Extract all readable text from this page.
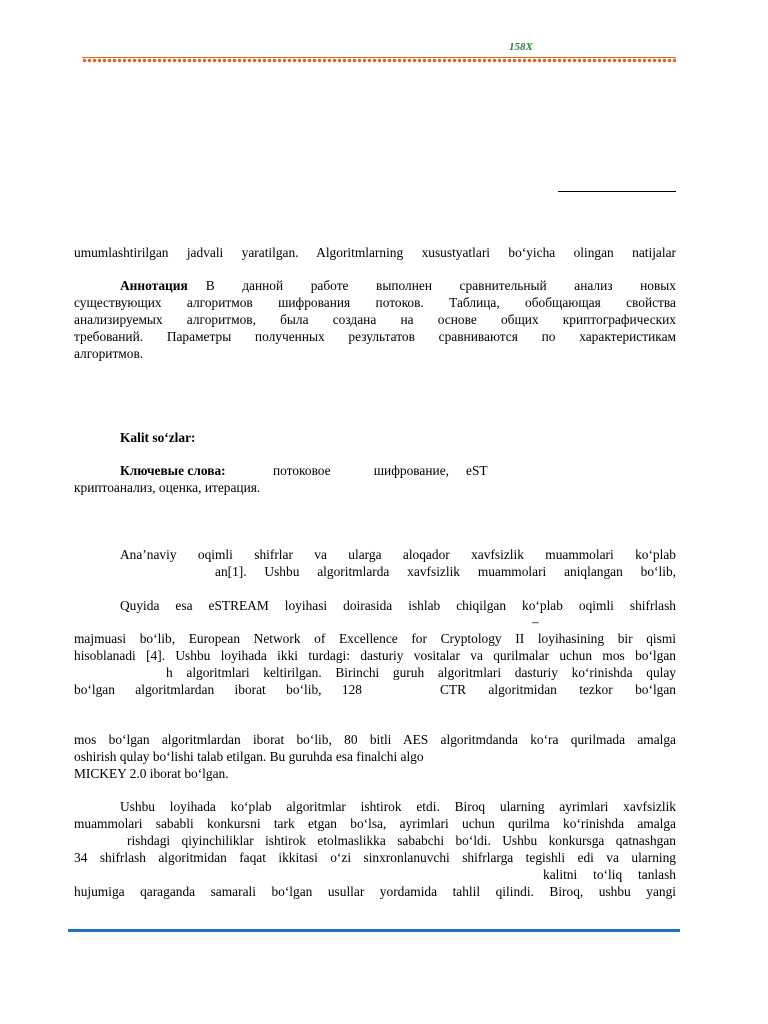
158X
umumlashtirilgan jadvali yaratilgan. Algoritmlarning xusustyatlari bo‘yicha olingan natijalar
Аннотация В данной работе выполнен сравнительный анализ новых
существующих алгоритмов шифрования потоков. Таблица, обобщающая свойства
анализируемых алгоритмов, была создана на основе общих криптографических
требований. Параметры полученных результатов сравниваются по характеристикам
алгоритмов.
Kalit so‘zlar:
Ключевые слова:	потоковое шифрование, eST
криптоанализ, оценка, итерация.
Ana’naviy oqimli shifrlar va ularga aloqador xavfsizlik muammolari ko‘plab
an[1]. Ushbu algoritmlarda xavfsizlik muammolari aniqlangan bo‘lib,
Quyida esa eSTREAM loyihasi doirasida ishlab chiqilgan ko‘plab oqimli shifrlash
–
majmuasi bo‘lib, European Network of Excellence for Cryptology II loyihasining bir qismi
hisoblanadi [4]. Ushbu loyihada ikki turdagi: dasturiy vositalar va qurilmalar uchun mos bo‘lgan
h algoritmlari keltirilgan. Birinchi guruh algoritmlari dasturiy ko‘rinishda qulay
bo‘lgan algoritmlardan iborat bo‘lib, 128	CTR algoritmidan tezkor bo‘lgan
mos bo‘lgan algoritmlardan iborat bo‘lib, 80 bitli AES algoritmdanda ko‘ra qurilmada amalga
oshirish qulay bo‘lishi talab etilgan. Bu guruhda esa finalchi algo
MICKEY 2.0 iborat bo‘lgan.
Ushbu loyihada ko‘plab algoritmlar ishtirok etdi. Biroq ularning ayrimlari xavfsizlik
muammolari sababli konkursni tark etgan bo‘lsa, ayrimlari uchun qurilma ko‘rinishda amalga
rishdagi qiyinchiliklar ishtirok etolmaslikka sababchi bo‘ldi. Ushbu konkursga qatnashgan
34 shifrlash algoritmidan faqat ikkitasi o‘zi sinxronlanuvchi shifrlarga tegishli edi va ularning
kalitni to‘liq tanlash
hujumiga qaraganda samarali bo‘lgan usullar yordamida tahlil qilindi. Biroq, ushbu yangi
